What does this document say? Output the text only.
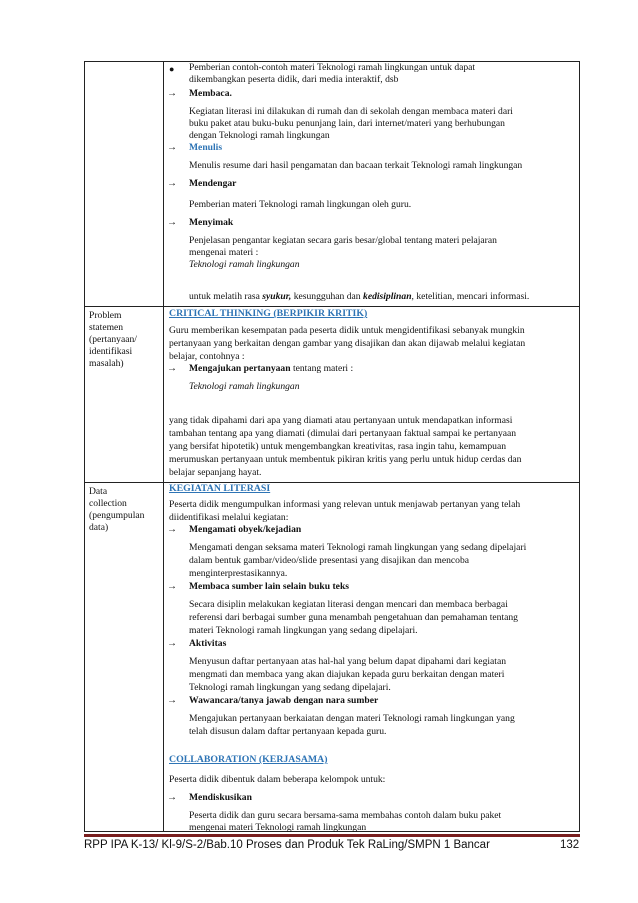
Problem
statemen
(pertanyaan/
identifikasi
masalah)
Data
collection
(pengumpulan
data)
● Pemberian contoh-contoh materi Teknologi ramah lingkungan untuk dapat
dikembangkan peserta didik, dari media interaktif, dsb
→ Membaca.
Kegiatan literasi ini dilakukan di rumah dan di sekolah dengan membaca materi dari
buku paket atau buku-buku penunjang lain, dari internet/materi yang berhubungan
dengan Teknologi ramah lingkungan
→ Menulis
Menulis resume dari hasil pengamatan dan bacaan terkait Teknologi ramah lingkungan
→ Mendengar
Pemberian materi Teknologi ramah lingkungan oleh guru.
→ Menyimak
Penjelasan pengantar kegiatan secara garis besar/global tentang materi pelajaran
mengenai materi :
Teknologi ramah lingkungan
untuk melatih rasa syukur, kesungguhan dan kedisiplinan, ketelitian, mencari informasi.
CRITICAL THINKING (BERPIKIR KRITIK)
Guru memberikan kesempatan pada peserta didik untuk mengidentifikasi sebanyak mungkin
pertanyaan yang berkaitan dengan gambar yang disajikan dan akan dijawab melalui kegiatan
belajar, contohnya :
→ Mengajukan pertanyaan tentang materi :
Teknologi ramah lingkungan
yang tidak dipahami dari apa yang diamati atau pertanyaan untuk mendapatkan informasi
tambahan tentang apa yang diamati (dimulai dari pertanyaan faktual sampai ke pertanyaan
yang bersifat hipotetik) untuk mengembangkan kreativitas, rasa ingin tahu, kemampuan
merumuskan pertanyaan untuk membentuk pikiran kritis yang perlu untuk hidup cerdas dan
belajar sepanjang hayat.
KEGIATAN LITERASI
Peserta didik mengumpulkan informasi yang relevan untuk menjawab pertanyan yang telah
diidentifikasi melalui kegiatan:
→ Mengamati obyek/kejadian
Mengamati dengan seksama materi Teknologi ramah lingkungan yang sedang dipelajari
dalam bentuk gambar/video/slide presentasi yang disajikan dan mencoba
menginterprestasikannya.
→ Membaca sumber lain selain buku teks
Secara disiplin melakukan kegiatan literasi dengan mencari dan membaca berbagai
referensi dari berbagai sumber guna menambah pengetahuan dan pemahaman tentang
materi Teknologi ramah lingkungan yang sedang dipelajari.
→ Aktivitas
Menyusun daftar pertanyaan atas hal-hal yang belum dapat dipahami dari kegiatan
mengmati dan membaca yang akan diajukan kepada guru berkaitan dengan materi
Teknologi ramah lingkungan yang sedang dipelajari.
→ Wawancara/tanya jawab dengan nara sumber
Mengajukan pertanyaan berkaiatan dengan materi Teknologi ramah lingkungan yang
telah disusun dalam daftar pertanyaan kepada guru.
COLLABORATION (KERJASAMA)
Peserta didik dibentuk dalam beberapa kelompok untuk:
→ Mendiskusikan
Peserta didik dan guru secara bersama-sama membahas contoh dalam buku paket
mengenai materi Teknologi ramah lingkungan
RPP IPA K-13/ Kl-9/S-2/Bab.10 Proses dan Produk Tek RaLing/SMPN 1 Bancar	132
